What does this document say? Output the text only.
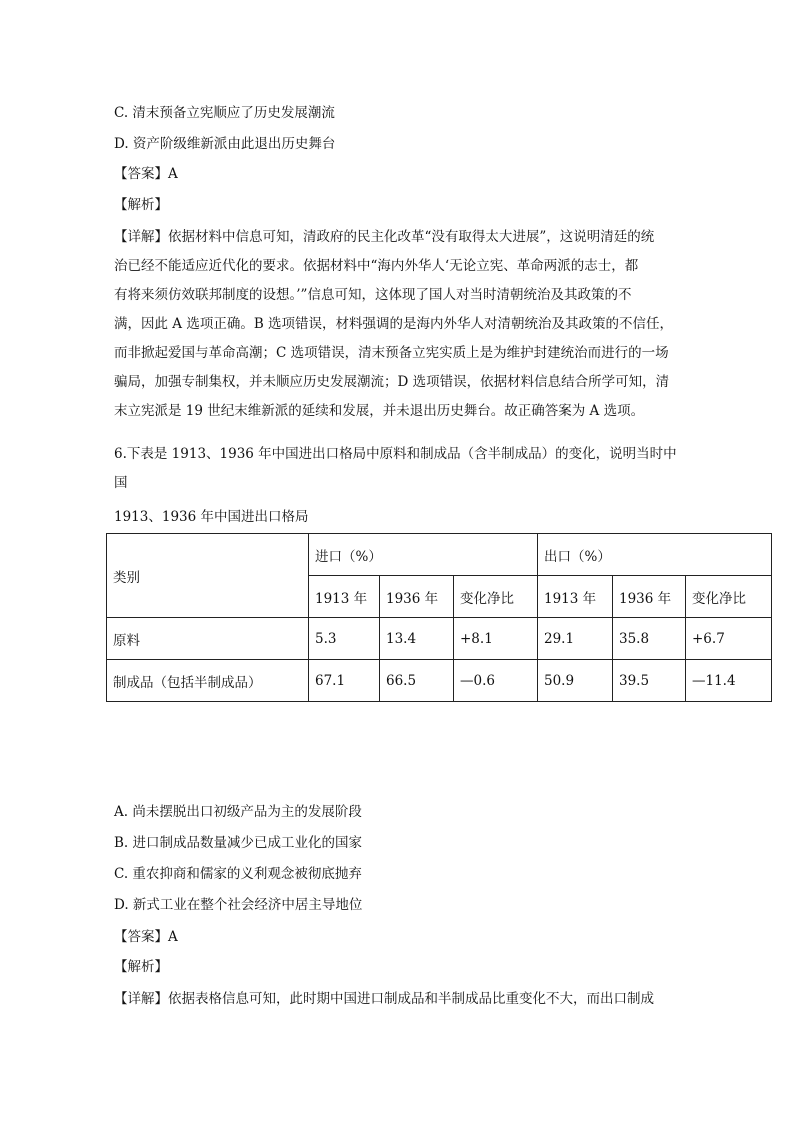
C. 清末预备立宪顺应了历史发展潮流
D. 资产阶级维新派由此退出历史舞台
【答案】A
【解析】
【详解】依据材料中信息可知，清政府的民主化改革“没有取得太大进展”，这说明清廷的统
治已经不能适应近代化的要求。依据材料中“海内外华人‘无论立宪、革命两派的志士，都
有将来须仿效联邦制度的设想。’”信息可知，这体现了国人对当时清朝统治及其政策的不
满，因此 A 选项正确。B 选项错误，材料强调的是海内外华人对清朝统治及其政策的不信任，
而非掀起爱国与革命高潮；C 选项错误，清末预备立宪实质上是为维护封建统治而进行的一场
骗局，加强专制集权，并未顺应历史发展潮流；D 选项错误，依据材料信息结合所学可知，清
末立宪派是 19 世纪末维新派的延续和发展，并未退出历史舞台。故正确答案为 A 选项。
6.下表是 1913、1936 年中国进出口格局中原料和制成品（含半制成品）的变化，说明当时中
国
1913、1936 年中国进出口格局
类别	进口（%）			出口（%）		
	1913 年	1936 年	变化净比	1913 年	1936 年	变化净比
原料	5.3	13.4	+8.1	29.1	35.8	+6.7
制成品（包括半制成品）	67.1	66.5	—0.6	50.9	39.5	—11.4
A. 尚未摆脱出口初级产品为主的发展阶段
B. 进口制成品数量减少已成工业化的国家
C. 重农抑商和儒家的义利观念被彻底抛弃
D. 新式工业在整个社会经济中居主导地位
【答案】A
【解析】
【详解】依据表格信息可知，此时期中国进口制成品和半制成品比重变化不大，而出口制成
